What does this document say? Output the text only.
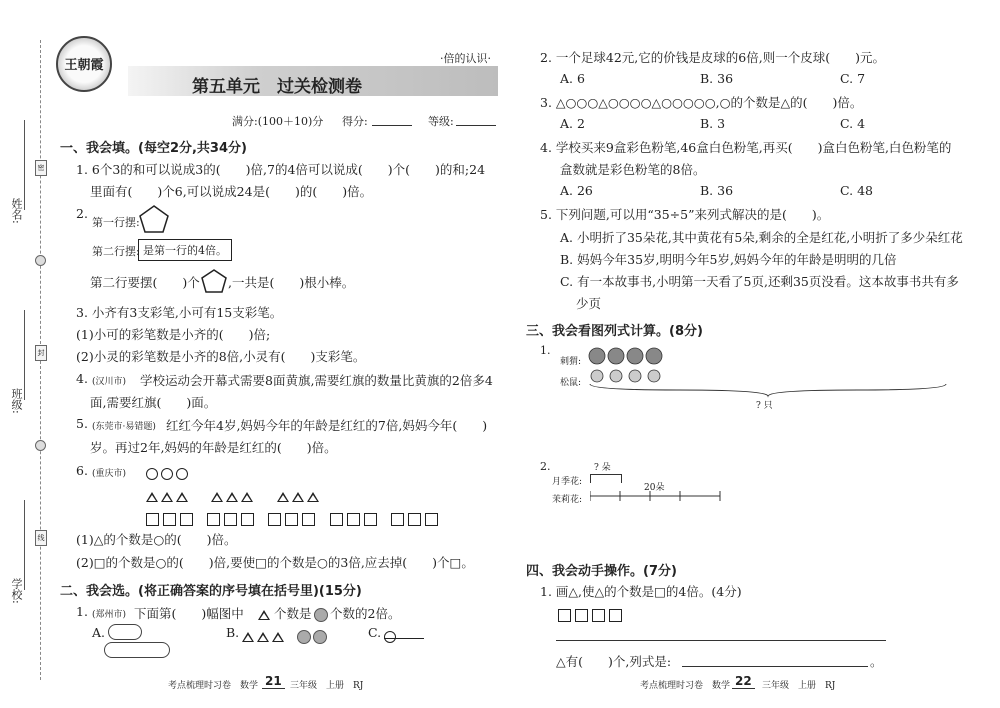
姓名:
班级:
学校:
密
封
线
王朝霞
第五单元　过关检测卷
·倍的认识·
满分:(100＋10)分 得分:	等级:
一、我会填。(每空2分,共34分)
1. 6个3的和可以说成3的(　　)倍,7的4倍可以说成(　　)个(　　)的和;24
里面有(　　)个6,可以说成24是(　　)的(　　)倍。
2.
第一行摆:
第二行摆: 是第一行的4倍。
第二行要摆(　　)个 ,一共是(　　)根小棒。
3. 小齐有3支彩笔,小可有15支彩笔。
(1)小可的彩笔数是小齐的(　　)倍;
(2)小灵的彩笔数是小齐的8倍,小灵有(　　)支彩笔。
4. (汉川市) 学校运动会开幕式需要8面黄旗,需要红旗的数量比黄旗的2倍多4
面,需要红旗(　　)面。
5. (东莞市·易错题) 红红今年4岁,妈妈今年的年龄是红红的7倍,妈妈今年(　　)
岁。再过2年,妈妈的年龄是红红的(　　)倍。
6. (重庆市)

(1)△的个数是○的(　　)倍。
(2)□的个数是○的(　　)倍,要使□的个数是○的3倍,应去掉(　　)个□。
二、我会选。(将正确答案的序号填在括号里)(15分)
1. (郑州市) 下面第(　　)幅图中 个数是 个数的2倍。
A.	B.
	C.
考点梳理时习卷　数学 21 三年级　上册　RJ
2. 一个足球42元,它的价钱是皮球的6倍,则一个皮球(　　)元。
A. 6	B. 36	C. 7
3. △○○○△○○○○△○○○○○,○的个数是△的(　　)倍。
A. 2	B. 3	C. 4
4. 学校买来9盒彩色粉笔,46盒白色粉笔,再买(　　)盒白色粉笔,白色粉笔的
盒数就是彩色粉笔的8倍。
A. 26	B. 36	C. 48
5. 下列问题,可以用“35÷5”来列式解决的是(　　)。
A. 小明折了35朵花,其中黄花有5朵,剩余的全是红花,小明折了多少朵红花
B. 妈妈今年35岁,明明今年5岁,妈妈今年的年龄是明明的几倍
C. 有一本故事书,小明第一天看了5页,还剩35页没看。这本故事书共有多
少页
三、我会看图列式计算。(8分)
1.
刺猬:
松鼠:
? 只
2.	? 朵
月季花:
20朵
茉莉花:
四、我会动手操作。(7分)
1. 画△,使△的个数是□的4倍。(4分)
△有(　　)个,列式是:	。
考点梳理时习卷　数学 22	三年级　上册　RJ
